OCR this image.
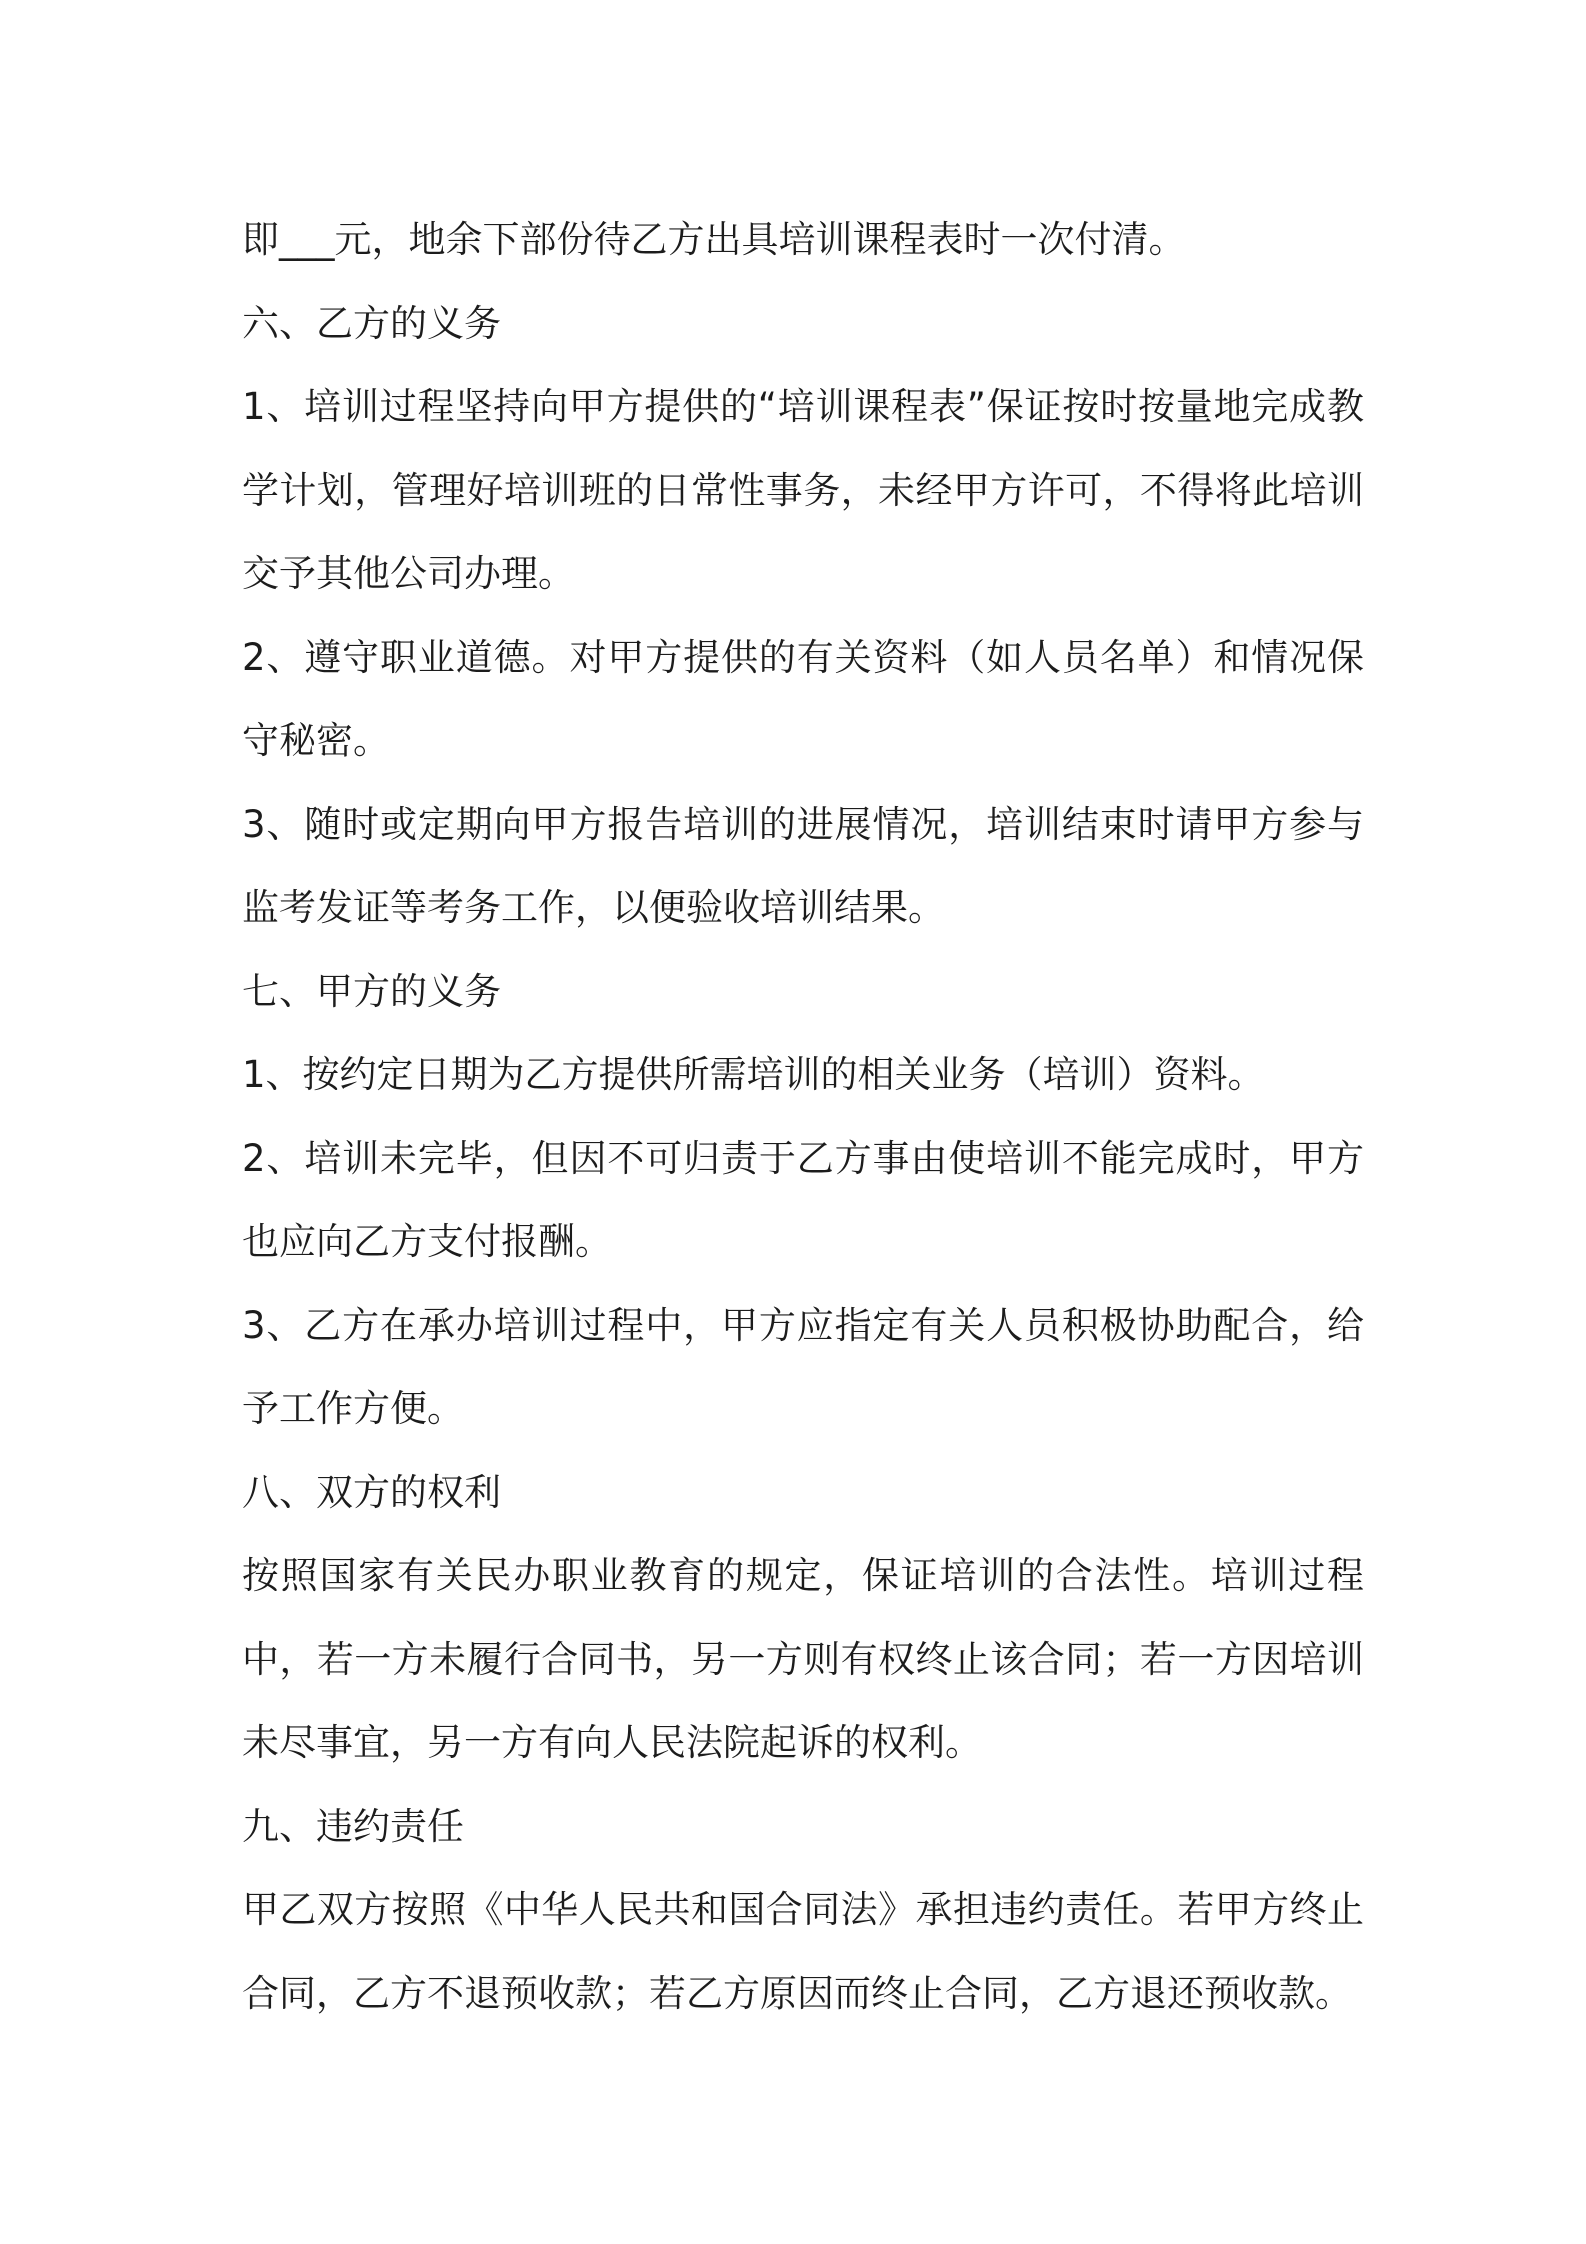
即___元，地余下部份待乙方出具培训课程表时一次付清。

六、乙方的义务

1、培训过程坚持向甲方提供的“培训课程表”保证按时按量地完成教学计划，管理好培训班的日常性事务，未经甲方许可，不得将此培训交予其他公司办理。

2、遵守职业道德。对甲方提供的有关资料（如人员名单）和情况保守秘密。

3、随时或定期向甲方报告培训的进展情况，培训结束时请甲方参与监考发证等考务工作，以便验收培训结果。

七、甲方的义务

1、按约定日期为乙方提供所需培训的相关业务（培训）资料。

2、培训未完毕，但因不可归责于乙方事由使培训不能完成时，甲方也应向乙方支付报酬。

3、乙方在承办培训过程中，甲方应指定有关人员积极协助配合，给予工作方便。

八、双方的权利

按照国家有关民办职业教育的规定，保证培训的合法性。培训过程中，若一方未履行合同书，另一方则有权终止该合同；若一方因培训未尽事宜，另一方有向人民法院起诉的权利。

九、违约责任

甲乙双方按照《中华人民共和国合同法》承担违约责任。若甲方终止合同，乙方不退预收款；若乙方原因而终止合同，乙方退还预收款。
